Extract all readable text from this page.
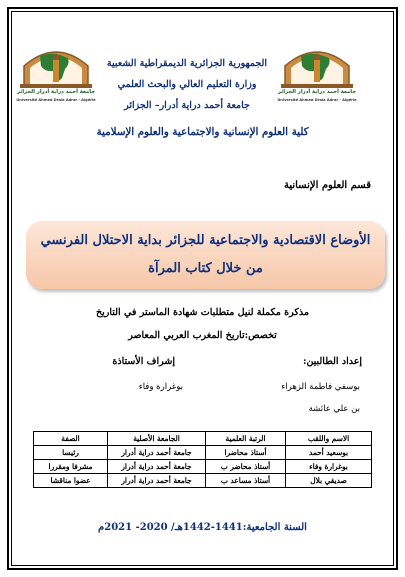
جامعة أحمد دراية أدرار الجزائر
Université Ahmed Draïa Adrar - Algérie
جامعة أحمد دراية أدرار الجزائر
Université Ahmed Draïa Adrar - Algérie
الجمهورية الجزائرية الديمقراطية الشعبية
وزارة التعليم العالي والبحث العلمي
جامعة أحمد دراية أدرار– الجزائر
كلية العلوم الإنسانية والاجتماعية والعلوم الإسلامية
قسم العلوم الإنسانية
الأوضاع الاقتصادية والاجتماعية للجزائر بداية الاحتلال الفرنسي
من خلال كتاب المرآة
مذكرة مكملة لنيل متطلبات شهادة الماستر في التاريخ
تخصص:تاريخ المغرب العربي المعاصر
إعداد الطالبين:
إشراف الأستاذة
بوسفي فاطمة الزهراء
بن علي عائشة
بوغرارة وفاء
الاسم واللقب	الرتبة العلمية	الجامعة الأصلية	الصفة
بوسعيد أحمد	أستاذ محاضرا	جامعة أحمد دراية أدرار	رئيسا
بوغرارة وفاء	أستاذ محاضر ب	جامعة أحمد دراية أدرار	مشرفا ومقررا
صديقي بلال	أستاذ مساعد ب	جامعة أحمد دراية أدرار	عضوا مناقشا
السنة الجامعية:1441-1442هـ/ 2020- 2021م
